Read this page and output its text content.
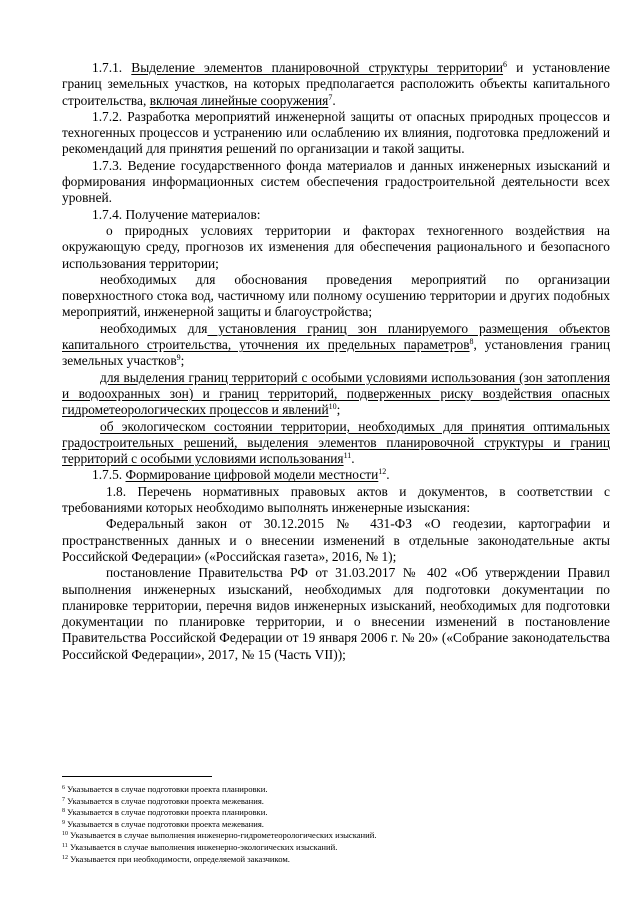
1.7.1. Выделение элементов планировочной структуры территории$^6$ и установление границ земельных участков, на которых предполагается расположить объекты капитального строительства, включая линейные сооружения$^7$.

1.7.2. Разработка мероприятий инженерной защиты от опасных природных процессов и техногенных процессов и устранению или ослаблению их влияния, подготовка предложений и рекомендаций для принятия решений по организации и такой защиты.

1.7.3. Ведение государственного фонда материалов и данных инженерных изысканий и формирования информационных систем обеспечения градостроительной деятельности всех уровней.

1.7.4. Получение материалов:

о природных условиях территории и факторах техногенного воздействия на окружающую среду, прогнозов их изменения для обеспечения рационального и безопасного использования территории;

необходимых для обоснования проведения мероприятий по организации поверхностного стока вод, частичному или полному осушению территории и других подобных мероприятий, инженерной защиты и благоустройства;

необходимых для установления границ зон планируемого размещения объектов капитального строительства, уточнения их предельных параметров$^8$, установления границ земельных участков$^9$;

для выделения границ территорий с особыми условиями использования (зон затопления и водоохранных зон) и границ территорий, подверженных риску воздействия опасных гидрометеорологических процессов и явлений$^{10}$;

об экологическом состоянии территории, необходимых для принятия оптимальных градостроительных решений, выделения элементов планировочной структуры и границ территорий с особыми условиями использования$^{11}$.

1.7.5. Формирование цифровой модели местности$^{12}$.

1.8. Перечень нормативных правовых актов и документов, в соответствии с требованиями которых необходимо выполнять инженерные изыскания:

Федеральный закон от 30.12.2015 № 431-ФЗ «О геодезии, картографии и пространственных данных и о внесении изменений в отдельные законодательные акты Российской Федерации» («Российская газета», 2016, № 1);

постановление Правительства РФ от 31.03.2017 № 402 «Об утверждении Правил выполнения инженерных изысканий, необходимых для подготовки документации по планировке территории, перечня видов инженерных изысканий, необходимых для подготовки документации по планировке территории, и о внесении изменений в постановление Правительства Российской Федерации от 19 января 2006 г. № 20» («Собрание законодательства Российской Федерации», 2017, № 15 (Часть VII));

$^6$ Указывается в случае подготовки проекта планировки.
$^7$ Указывается в случае подготовки проекта межевания.
$^8$ Указывается в случае подготовки проекта планировки.
$^9$ Указывается в случае подготовки проекта межевания.
$^{10}$ Указывается в случае выполнения инженерно-гидрометеорологических изысканий.
$^{11}$ Указывается в случае выполнения инженерно-экологических изысканий.
$^{12}$ Указывается при необходимости, определяемой заказчиком.
